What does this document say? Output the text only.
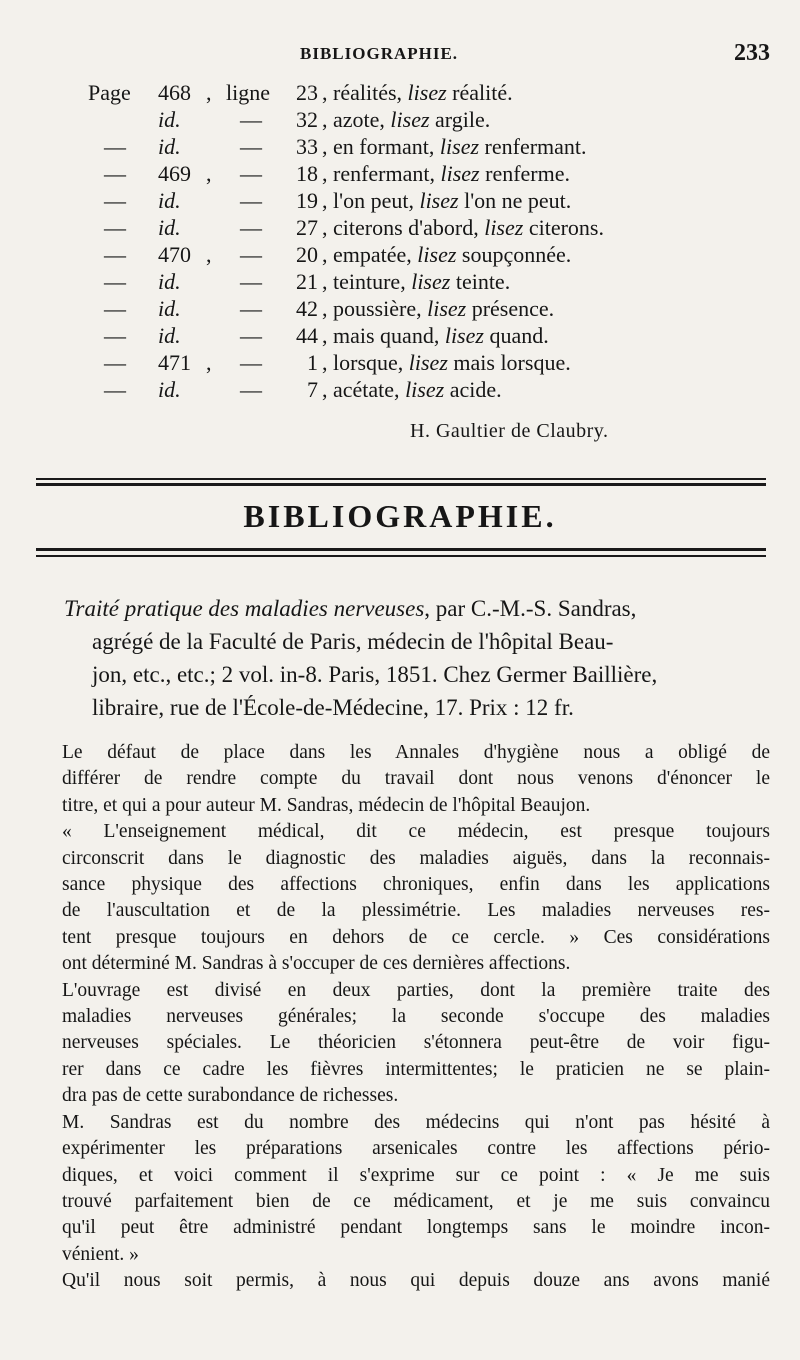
BIBLIOGRAPHIE.	233
Page 468 , ligne	23 , réalités, lisez réalité.
id.	—	32 , azote, lisez argile.
— id.	—	33 , en formant, lisez renfermant.
— 469 , —	18 , renfermant, lisez renferme.
— id.	—	19 , l'on peut, lisez l'on ne peut.
— id.	—	27 , citerons d'abord, lisez citerons.
— 470 , —	20 , empatée, lisez soupçonnée.
— id.	—	21 , teinture, lisez teinte.
— id.	—	42 , poussière, lisez présence.
— id.	—	44 , mais quand, lisez quand.
— 471 , —	1 , lorsque, lisez mais lorsque.
— id.	—	7 , acétate, lisez acide.
H. Gaultier de Claubry.
BIBLIOGRAPHIE.
Traité pratique des maladies nerveuses, par C.-M.-S. Sandras,
agrégé de la Faculté de Paris, médecin de l'hôpital Beau-
jon, etc., etc.; 2 vol. in-8. Paris, 1851. Chez Germer Baillière,
libraire, rue de l'École-de-Médecine, 17. Prix : 12 fr.
Le défaut de place dans les Annales d'hygiène nous a obligé de
différer de rendre compte du travail dont nous venons d'énoncer le
titre, et qui a pour auteur M. Sandras, médecin de l'hôpital Beaujon.
« L'enseignement médical, dit ce médecin, est presque toujours
circonscrit dans le diagnostic des maladies aiguës, dans la reconnais-
sance physique des affections chroniques, enfin dans les applications
de l'auscultation et de la plessimétrie. Les maladies nerveuses res-
tent presque toujours en dehors de ce cercle. » Ces considérations
ont déterminé M. Sandras à s'occuper de ces dernières affections.
L'ouvrage est divisé en deux parties, dont la première traite des
maladies nerveuses générales; la seconde s'occupe des maladies
nerveuses spéciales. Le théoricien s'étonnera peut-être de voir figu-
rer dans ce cadre les fièvres intermittentes; le praticien ne se plain-
dra pas de cette surabondance de richesses.
M. Sandras est du nombre des médecins qui n'ont pas hésité à
expérimenter les préparations arsenicales contre les affections pério-
diques, et voici comment il s'exprime sur ce point : « Je me suis
trouvé parfaitement bien de ce médicament, et je me suis convaincu
qu'il peut être administré pendant longtemps sans le moindre incon-
vénient. »
Qu'il nous soit permis, à nous qui depuis douze ans avons manié
